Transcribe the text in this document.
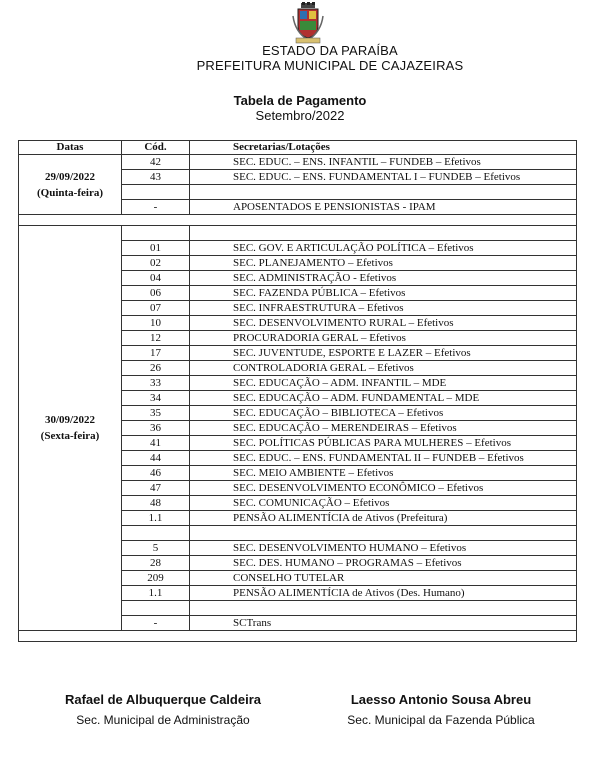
ESTADO DA PARAÍBA
PREFEITURA MUNICIPAL DE CAJAZEIRAS
Tabela de Pagamento
Setembro/2022
Datas	Cód.	Secretarias/Lotações

29/09/2022
(Quinta-feira)	42	SEC. EDUC. – ENS. INFANTIL – FUNDEB – Efetivos
	43	SEC. EDUC. – ENS. FUNDAMENTAL I – FUNDEB – Efetivos

	-	APOSENTADOS E PENSIONISTAS - IPAM

30/09/2022
(Sexta-feira)		

	01	SEC. GOV. E ARTICULAÇÃO POLÍTICA – Efetivos
	02	SEC. PLANEJAMENTO – Efetivos
	04	SEC. ADMINISTRAÇÃO - Efetivos
	06	SEC. FAZENDA PÚBLICA – Efetivos
	07	SEC. INFRAESTRUTURA – Efetivos
	10	SEC. DESENVOLVIMENTO RURAL – Efetivos
	12	PROCURADORIA GERAL – Efetivos
	17	SEC. JUVENTUDE, ESPORTE E LAZER – Efetivos
	26	CONTROLADORIA GERAL – Efetivos
	33	SEC. EDUCAÇÃO – ADM. INFANTIL – MDE
	34	SEC. EDUCAÇÃO – ADM. FUNDAMENTAL – MDE
	35	SEC. EDUCAÇÃO – BIBLIOTECA – Efetivos
	36	SEC. EDUCAÇÃO – MERENDEIRAS – Efetivos
	41	SEC. POLÍTICAS PÚBLICAS PARA MULHERES – Efetivos
	44	SEC. EDUC. – ENS. FUNDAMENTAL II – FUNDEB – Efetivos
	46	SEC. MEIO AMBIENTE – Efetivos
	47	SEC. DESENVOLVIMENTO ECONÔMICO – Efetivos
	48	SEC. COMUNICAÇÃO – Efetivos
	1.1	PENSÃO ALIMENTÍCIA de Ativos (Prefeitura)

	5	SEC. DESENVOLVIMENTO HUMANO – Efetivos
	28	SEC. DES. HUMANO – PROGRAMAS – Efetivos
	209	CONSELHO TUTELAR
	1.1	PENSÃO ALIMENTÍCIA de Ativos (Des. Humano)

	-	SCTrans

Rafael de Albuquerque Caldeira
Sec. Municipal de Administração
Laesso Antonio Sousa Abreu
Sec. Municipal da Fazenda Pública
